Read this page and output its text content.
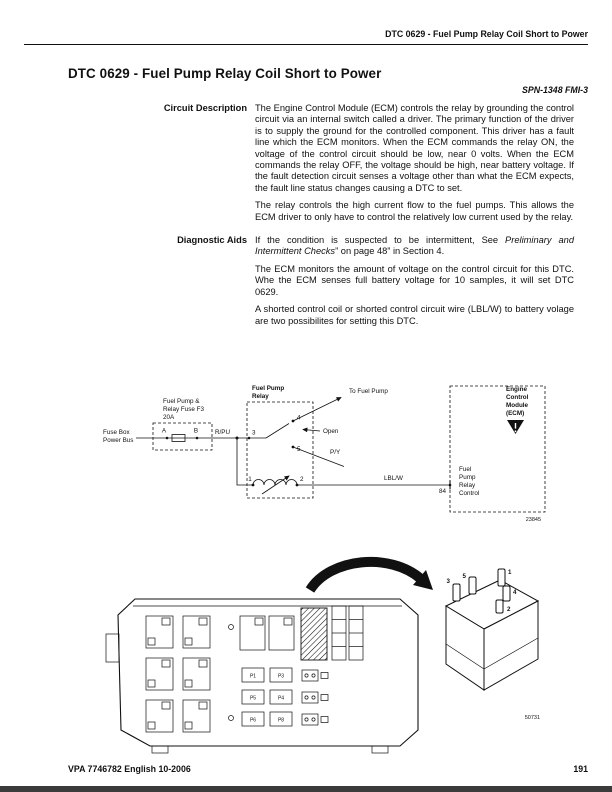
DTC 0629 - Fuel Pump Relay Coil Short to Power
DTC 0629 - Fuel Pump Relay Coil Short to Power
SPN-1348 FMI-3
Circuit Description The Engine Control Module (ECM) controls the relay by grounding the control circuit via an internal switch called a driver. The primary function of the driver is to supply the ground for the controlled component. This driver has a fault line which the ECM monitors. When the ECM commands the relay ON, the voltage of the control circuit should be low, near 0 volts. When the ECM commands the relay OFF, the voltage should be high, near battery voltage. If the fault detection circuit senses a voltage other than what the ECM expects, the fault line status changes causing a DTC to set.

The relay controls the high current flow to the fuel pumps. This allows the ECM driver to only have to control the relatively low current used by the relay.

Diagnostic Aids If the condition is suspected to be intermittent, See Preliminary and Intermittent Checks” on page 48” in Section 4.

The ECM monitors the amount of voltage on the control circuit for this DTC. Whe the ECM senses full battery voltage for 10 samples, it will set DTC 0629.

A shorted control coil or shorted control circuit wire (LBL/W) to battery volage are two possibilites for setting this DTC.

Fuel Pump
Relay
To Fuel Pump
Fuel Pump &
Relay Fuse F3
20A
Fuse Box
Power Bus
A	B	R/PU	3
4
5
Open
P/Y
1	2	LBL/W
84
Fuel
Pump
Relay
Control
Engine
Control
Module
(ECM)
23845
P1	P3
P5	P4
P6	P8
3
5
1
4
2
50731
VPA 7746782 English 10-2006	191
